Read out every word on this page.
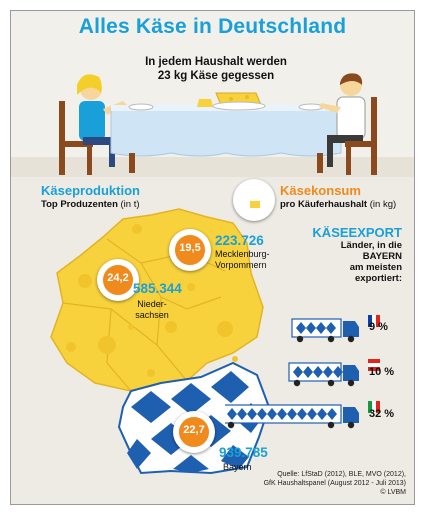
Alles Käse in Deutschland
In jedem Haushalt werden
23 kg Käse gegessen
Käseproduktion
Top Produzenten (in t)
Käsekonsum
pro Käuferhaushalt (in kg)
KÄSEEXPORT
Länder, in die
BAYERN
am meisten
exportiert:
19,5	223.726
Mecklenburg-
Vorpommern
24,2
585.344
Nieder-
sachsen
22,7
939.785
Bayern
9 %
10 %
32 %
Quelle: LfStaD (2012), BLE, MVO (2012),
GfK Haushaltspanel (August 2012 - Juli 2013)
© LVBM
